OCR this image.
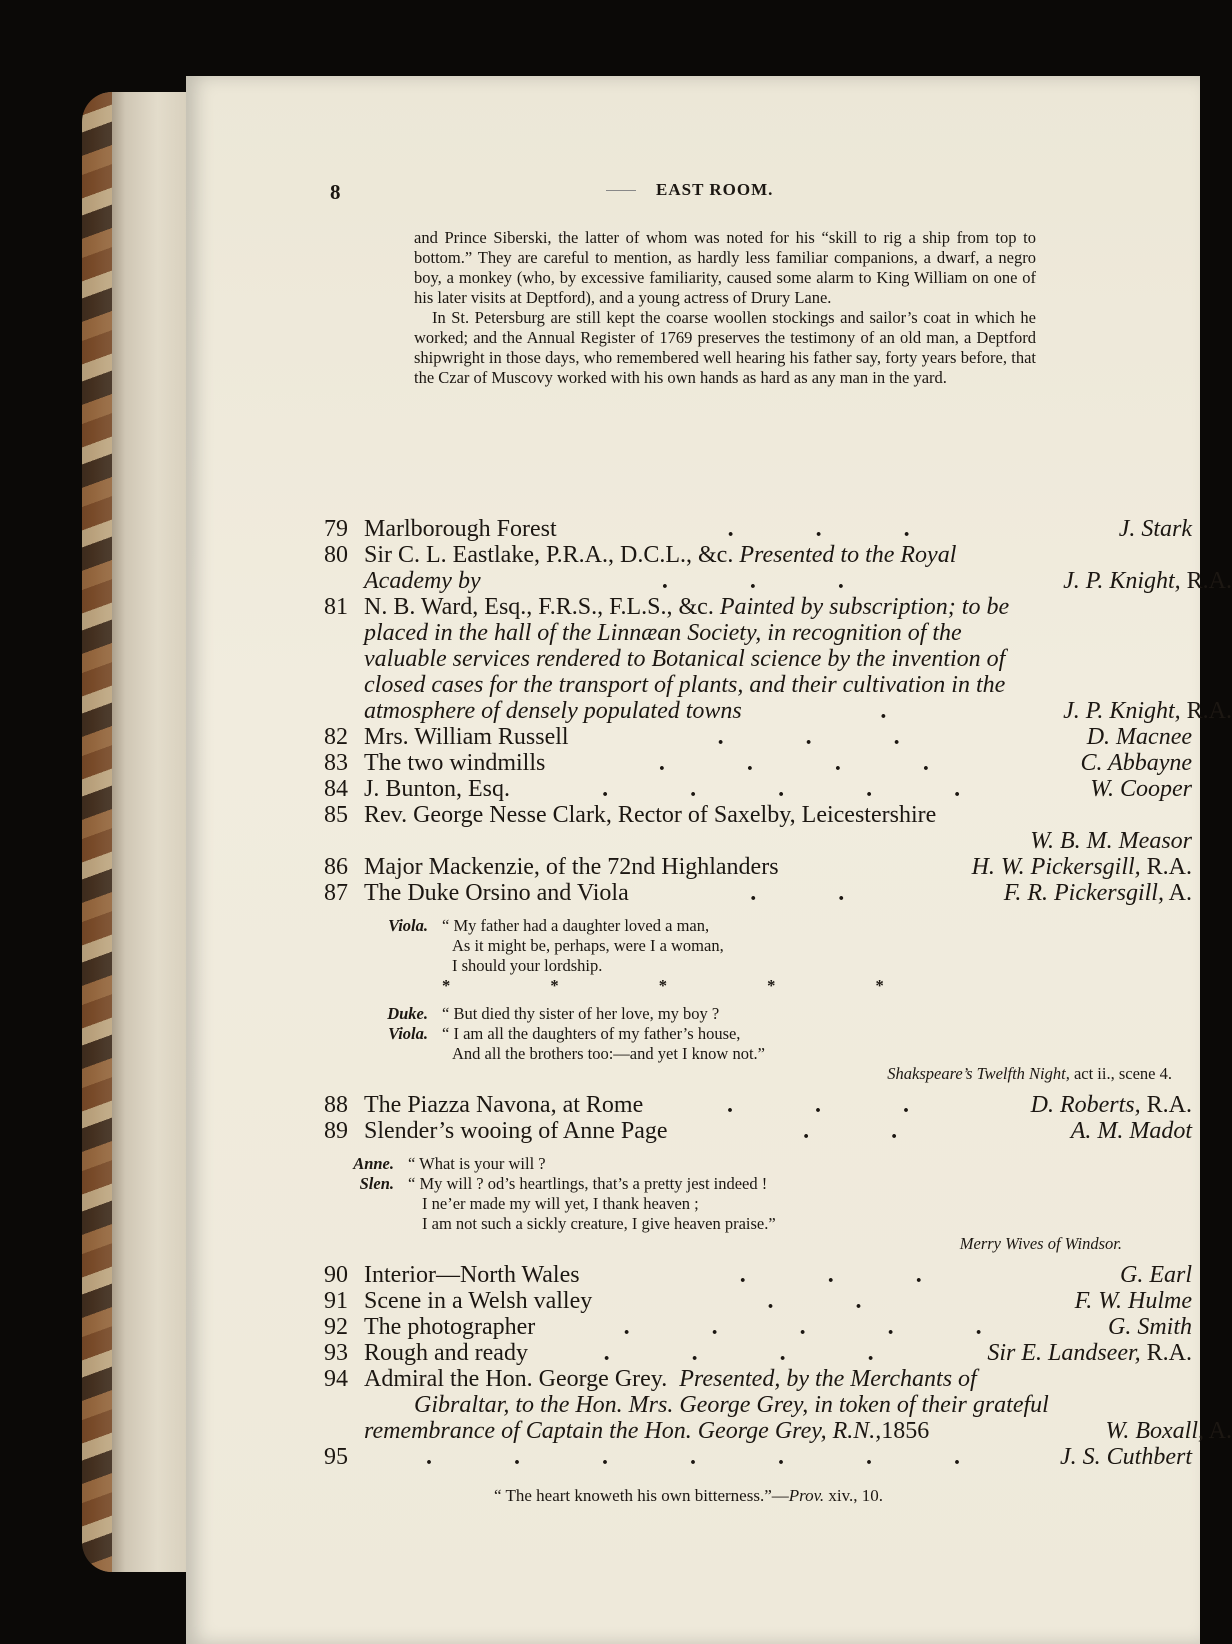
8	EAST ROOM.

and Prince Siberski, the latter of whom was noted for his “skill to rig a ship from top to bottom.” They are careful to mention, as hardly less familiar companions, a dwarf, a negro boy, a monkey (who, by excessive familiarity, caused some alarm to King William on one of his later visits at Deptford), and a young actress of Drury Lane.

In St. Petersburg are still kept the coarse woollen stockings and sailor’s coat in which he worked; and the Annual Register of 1769 preserves the testimony of an old man, a Deptford shipwright in those days, who remembered well hearing his father say, forty years before, that the Czar of Muscovy worked with his own hands as hard as any man in the yard.

79 Marlborough Forest	. . .	J. Stark
80 Sir C. L. Eastlake, P.R.A., D.C.L., &c.
Presented to the Royal
Academy by	. . .	J. P. Knight, R.A.
81 N. B. Ward, Esq., F.R.S., F.L.S., &c.
Painted by subscription; to be
placed in the hall of the Linnæan Society, in recognition of the
valuable services rendered to Botanical science by the invention of
closed cases for the transport of plants, and their cultivation in the
atmosphere of densely populated towns	.	J. P. Knight, R.A.
82 Mrs. William Russell	. . .	D. Macnee
83 The two windmills	. . . .	C. Abbayne
84 J. Bunton, Esq.	. . . . .	W. Cooper
85 Rev. George Nesse Clark, Rector of Saxelby, Leicestershire
W. B. M. Measor
86 Major Mackenzie, of the 72nd Highlanders	H. W. Pickersgill, R.A.
87 The Duke Orsino and Viola	. .	F. R. Pickersgill, A.
Viola. “ My father had a daughter loved a man,
As it might be, perhaps, were I a woman,
I should your lordship.
* * * * *
Duke. “ But died thy sister of her love, my boy ?
Viola. “ I am all the daughters of my father’s house,
And all the brothers too:—and yet I know not.”
Shakspeare’s Twelfth Night, act ii., scene 4.
88 The Piazza Navona, at Rome	. . .	D. Roberts, R.A.
89 Slender’s wooing of Anne Page	. .	A. M. Madot
Anne. “ What is your will ?
Slen. “ My will ? od’s heartlings, that’s a pretty jest indeed !
I ne’er made my will yet, I thank heaven ;
I am not such a sickly creature, I give heaven praise.”
Merry Wives of Windsor.
90 Interior—North Wales	. . .	G. Earl
91 Scene in a Welsh valley	. .	F. W. Hulme
92 The photographer	. . . . .	G. Smith
93 Rough and ready	. . . .	Sir E. Landseer, R.A.
94 Admiral the Hon. George Grey.
Presented, by the Merchants of
Gibraltar, to the Hon. Mrs. George Grey, in token of their grateful
remembrance of Captain the Hon. George Grey, R.N., 1856	W. Boxall, A.
95	. . . . . . .	J. S. Cuthbert
“ The heart knoweth his own bitterness.”—Prov. xiv., 10.
